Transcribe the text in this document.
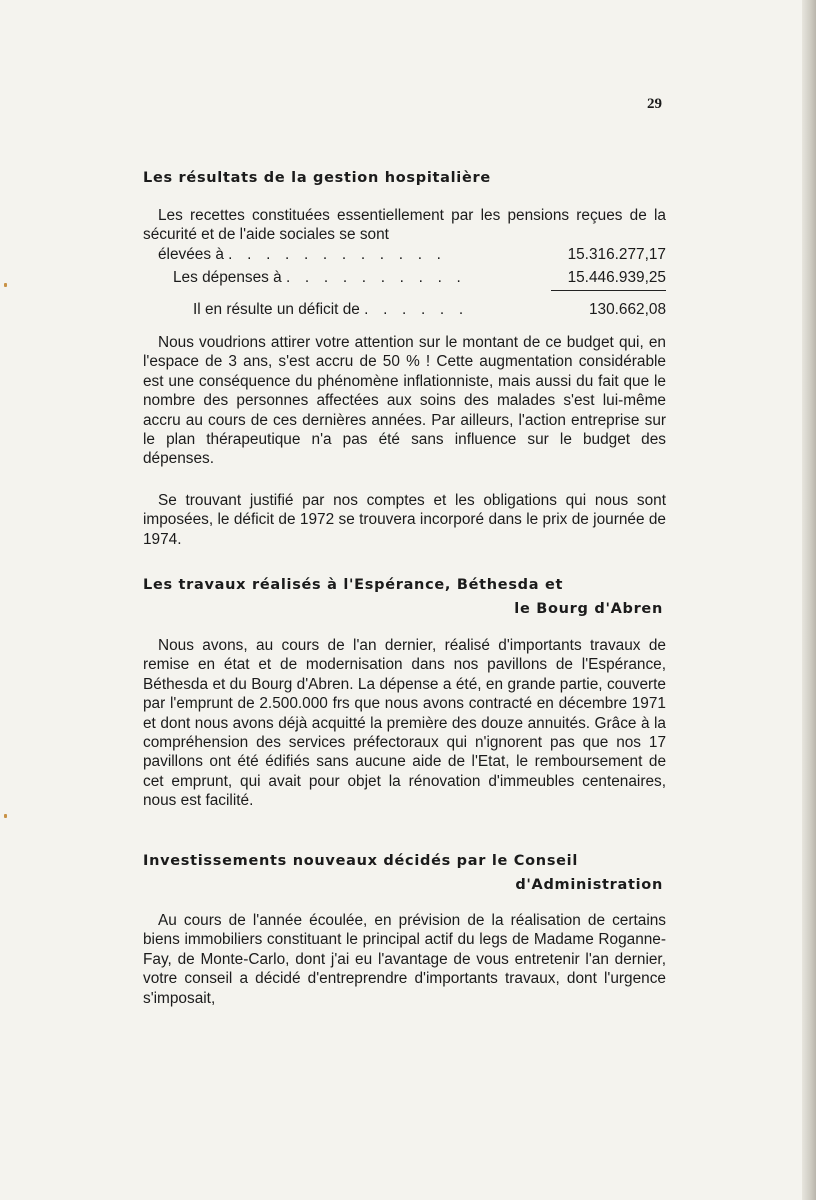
29
Les résultats de la gestion hospitalière

Les recettes constituées essentiellement par les pensions reçues de la sécurité et de l'aide sociales se sont

élevées à . . . . . . . . . . . .	15.316.277,17
Les dépenses à . . . . . . . . . .	15.446.939,25
Il en résulte un déficit de . . . . . .	130.662,08

Nous voudrions attirer votre attention sur le montant de ce budget qui, en l'espace de 3 ans, s'est accru de 50 % ! Cette augmentation considérable est une conséquence du phénomène inflationniste, mais aussi du fait que le nombre des personnes affectées aux soins des malades s'est lui-même accru au cours de ces dernières années. Par ailleurs, l'action entreprise sur le plan thérapeutique n'a pas été sans influence sur le budget des dépenses.

Se trouvant justifié par nos comptes et les obligations qui nous sont imposées, le déficit de 1972 se trouvera incorporé dans le prix de journée de 1974.

Les travaux réalisés à l'Espérance, Béthesda et
le Bourg d'Abren

Nous avons, au cours de l'an dernier, réalisé d'importants travaux de remise en état et de modernisation dans nos pavillons de l'Espérance, Béthesda et du Bourg d'Abren. La dépense a été, en grande partie, couverte par l'emprunt de 2.500.000 frs que nous avons contracté en décembre 1971 et dont nous avons déjà acquitté la première des douze annuités. Grâce à la compréhension des services préfectoraux qui n'ignorent pas que nos 17 pavillons ont été édifiés sans aucune aide de l'Etat, le remboursement de cet emprunt, qui avait pour objet la rénovation d'immeubles centenaires, nous est facilité.

Investissements nouveaux décidés par le Conseil
d'Administration

Au cours de l'année écoulée, en prévision de la réalisation de certains biens immobiliers constituant le principal actif du legs de Madame Roganne-Fay, de Monte-Carlo, dont j'ai eu l'avantage de vous entretenir l'an dernier, votre conseil a décidé d'entreprendre d'importants travaux, dont l'urgence s'imposait,
